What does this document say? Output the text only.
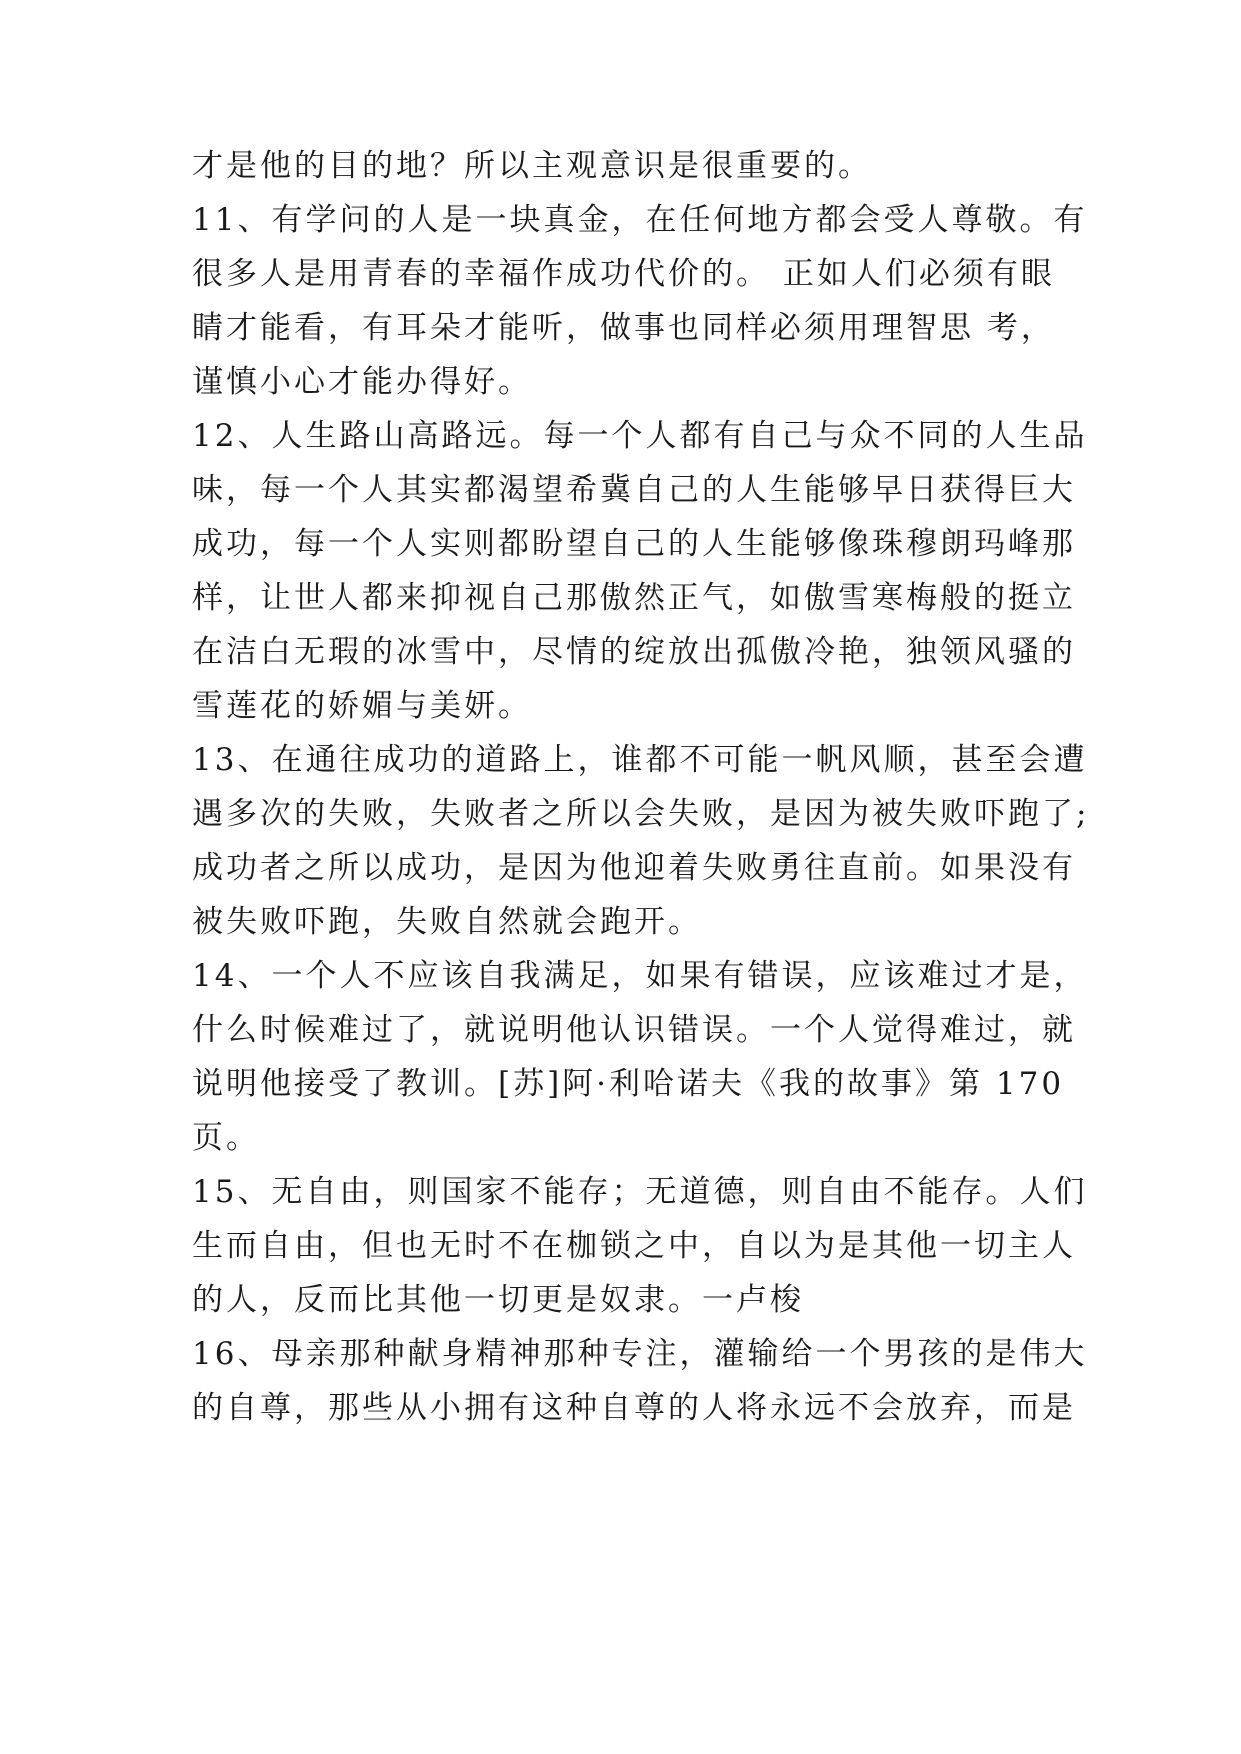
才是他的目的地？所以主观意识是很重要的。
11、有学问的人是一块真金，在任何地方都会受人尊敬。有
很多人是用青春的幸福作成功代价的。 正如人们必须有眼
睛才能看，有耳朵才能听，做事也同样必须用理智思 考，
谨慎小心才能办得好。
12、人生路山高路远。每一个人都有自己与众不同的人生品
味，每一个人其实都渴望希冀自己的人生能够早日获得巨大
成功，每一个人实则都盼望自己的人生能够像珠穆朗玛峰那
样，让世人都来抑视自己那傲然正气，如傲雪寒梅般的挺立
在洁白无瑕的冰雪中，尽情的绽放出孤傲冷艳，独领风骚的
雪莲花的娇媚与美妍。
13、在通往成功的道路上，谁都不可能一帆风顺，甚至会遭
遇多次的失败，失败者之所以会失败，是因为被失败吓跑了;
成功者之所以成功，是因为他迎着失败勇往直前。如果没有
被失败吓跑，失败自然就会跑开。
14、一个人不应该自我满足，如果有错误，应该难过才是，
什么时候难过了，就说明他认识错误。一个人觉得难过，就
说明他接受了教训。[苏]阿·利哈诺夫《我的故事》第 170
页。
15、无自由，则国家不能存；无道德，则自由不能存。人们
生而自由，但也无时不在枷锁之中，自以为是其他一切主人
的人，反而比其他一切更是奴隶。一卢梭
16、母亲那种献身精神那种专注，灌输给一个男孩的是伟大
的自尊，那些从小拥有这种自尊的人将永远不会放弃，而是
